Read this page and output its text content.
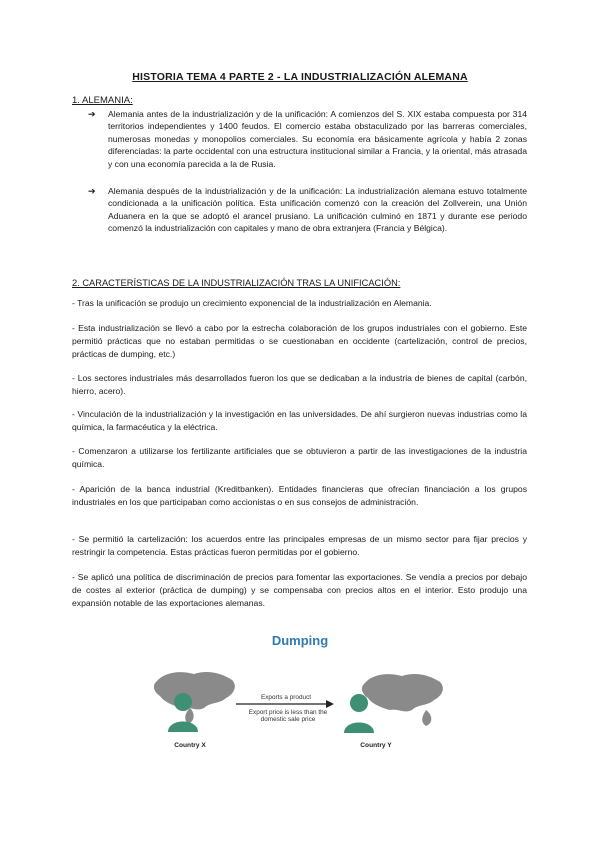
HISTORIA TEMA 4 PARTE 2 - LA INDUSTRIALIZACIÓN ALEMANA
1. ALEMANIA:
➔ Alemania antes de la industrialización y de la unificación: A comienzos del S. XIX estaba compuesta por 314 territorios independientes y 1400 feudos. El comercio estaba obstaculizado por las barreras comerciales, numerosas monedas y monopolios comerciales. Su economía era básicamente agrícola y había 2 zonas diferenciadas: la parte occidental con una estructura institucional similar a Francia, y la oriental, más atrasada y con una economía parecida a la de Rusia.
➔ Alemania después de la industrialización y de la unificación: La industrialización alemana estuvo totalmente condicionada a la unificación política. Esta unificación comenzó con la creación del Zollverein, una Unión Aduanera en la que se adoptó el arancel prusiano. La unificación culminó en 1871 y durante ese periodo comenzó la industrialización con capitales y mano de obra extranjera (Francia y Bélgica).
2. CARACTERÍSTICAS DE LA INDUSTRIALIZACIÓN TRAS LA UNIFICACIÓN:
- Tras la unificación se produjo un crecimiento exponencial de la industrialización en Alemania.
- Esta industrialización se llevó a cabo por la estrecha colaboración de los grupos industriales con el gobierno. Este permitió prácticas que no estaban permitidas o se cuestionaban en occidente (cartelización, control de precios, prácticas de dumping, etc.)
- Los sectores industriales más desarrollados fueron los que se dedicaban a la industria de bienes de capital (carbón, hierro, acero).
- Vinculación de la industrialización y la investigación en las universidades. De ahí surgieron nuevas industrias como la química, la farmacéutica y la eléctrica.
- Comenzaron a utilizarse los fertilizante artificiales que se obtuvieron a partir de las investigaciones de la industria química.
- Aparición de la banca industrial (Kreditbanken). Entidades financieras que ofrecían financiación a los grupos industriales en los que participaban como accionistas o en sus consejos de administración.
- Se permitió la cartelización: los acuerdos entre las principales empresas de un mismo sector para fijar precios y restringir la competencia. Estas prácticas fueron permitidas por el gobierno.
- Se aplicó una política de discriminación de precios para fomentar las exportaciones. Se vendía a precios por debajo de costes al exterior (práctica de dumping) y se compensaba con precios altos en el interior. Esto produjo una expansión notable de las exportaciones alemanas.
Dumping
Exports a product
Export price is less than the domestic sale price
Country X	Country Y
